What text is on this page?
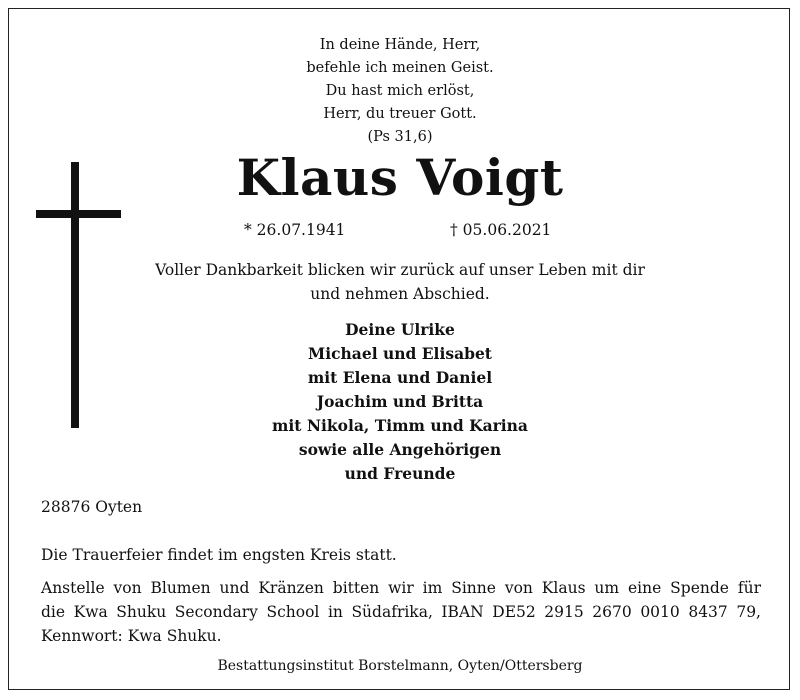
In deine Hände, Herr,
befehle ich meinen Geist.
Du hast mich erlöst,
Herr, du treuer Gott.
(Ps 31,6)
Klaus Voigt
* 26.07.1941	† 05.06.2021
Voller Dankbarkeit blicken wir zurück auf unser Leben mit dir
und nehmen Abschied.
Deine Ulrike
Michael und Elisabet
mit Elena und Daniel
Joachim und Britta
mit Nikola, Timm und Karina
sowie alle Angehörigen
und Freunde
28876 Oyten
Die Trauerfeier findet im engsten Kreis statt.
Anstelle von Blumen und Kränzen bitten wir im Sinne von Klaus um eine Spende für
die Kwa Shuku Secondary School in Südafrika, IBAN DE52 2915 2670 0010 8437 79,
Kennwort: Kwa Shuku.
Bestattungsinstitut Borstelmann, Oyten/Ottersberg
